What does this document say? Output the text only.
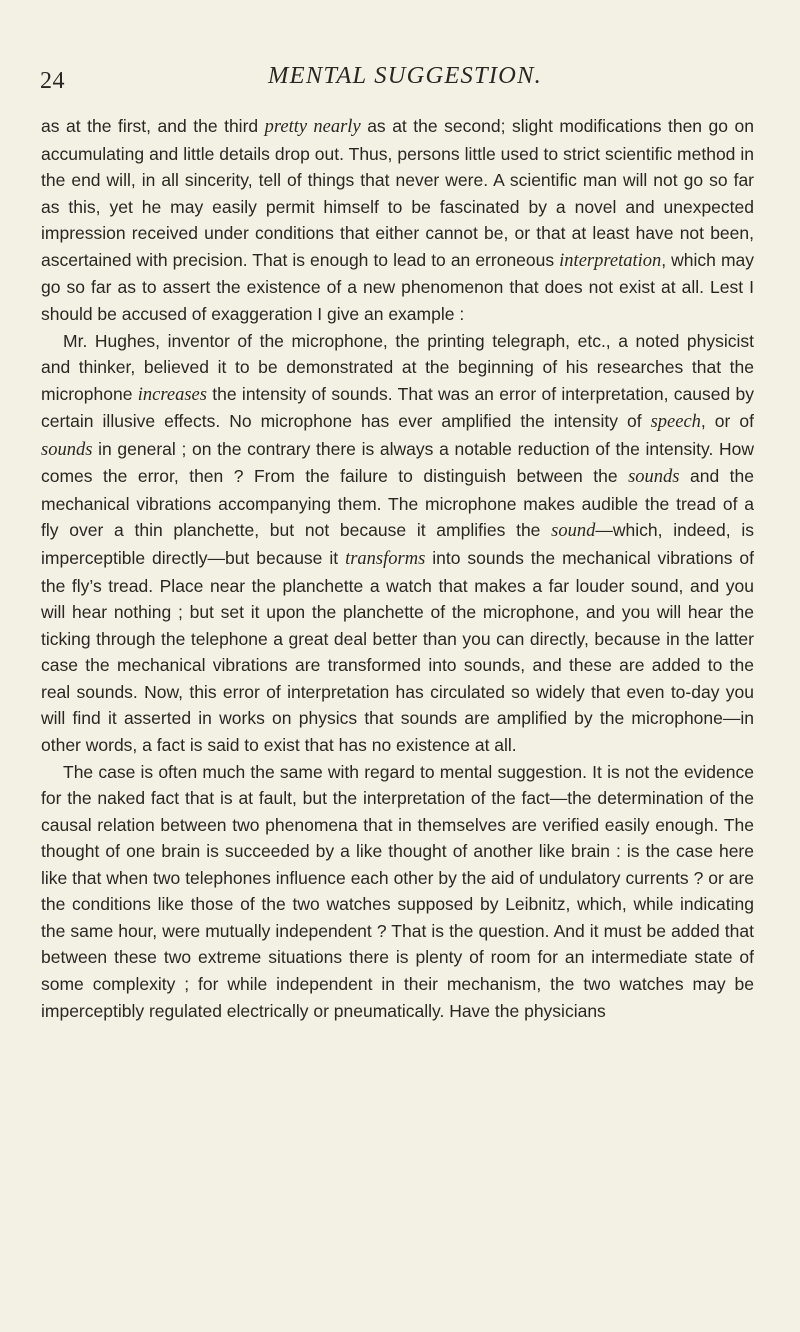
24	MENTAL SUGGESTION.

as at the first, and the third pretty nearly as at the second; slight modifications then go on accumulating and little details drop out. Thus, persons little used to strict scientific method in the end will, in all sincerity, tell of things that never were. A scientific man will not go so far as this, yet he may easily permit himself to be fascinated by a novel and unexpected impression received under conditions that either cannot be, or that at least have not been, ascertained with precision. That is enough to lead to an erroneous interpretation, which may go so far as to assert the existence of a new phenomenon that does not exist at all. Lest I should be accused of exaggeration I give an example :

Mr. Hughes, inventor of the microphone, the printing telegraph, etc., a noted physicist and thinker, believed it to be demonstrated at the beginning of his researches that the microphone increases the intensity of sounds. That was an error of interpretation, caused by certain illusive effects. No microphone has ever amplified the intensity of speech, or of sounds in general ; on the contrary there is always a notable reduction of the intensity. How comes the error, then ? From the failure to distinguish between the sounds and the mechanical vibrations accompanying them. The microphone makes audible the tread of a fly over a thin planchette, but not because it amplifies the sound—which, indeed, is imperceptible directly—but because it transforms into sounds the mechanical vibrations of the fly’s tread. Place near the planchette a watch that makes a far louder sound, and you will hear nothing ; but set it upon the planchette of the microphone, and you will hear the ticking through the telephone a great deal better than you can directly, because in the latter case the mechanical vibrations are transformed into sounds, and these are added to the real sounds. Now, this error of interpretation has circulated so widely that even to-day you will find it asserted in works on physics that sounds are amplified by the microphone—in other words, a fact is said to exist that has no existence at all.

The case is often much the same with regard to mental suggestion. It is not the evidence for the naked fact that is at fault, but the interpretation of the fact—the determination of the causal relation between two phenomena that in themselves are verified easily enough. The thought of one brain is succeeded by a like thought of another like brain : is the case here like that when two telephones influence each other by the aid of undulatory currents ? or are the conditions like those of the two watches supposed by Leibnitz, which, while indicating the same hour, were mutually independent ? That is the question. And it must be added that between these two extreme situations there is plenty of room for an intermediate state of some complexity ; for while independent in their mechanism, the two watches may be imperceptibly regulated electrically or pneumatically. Have the physicians
